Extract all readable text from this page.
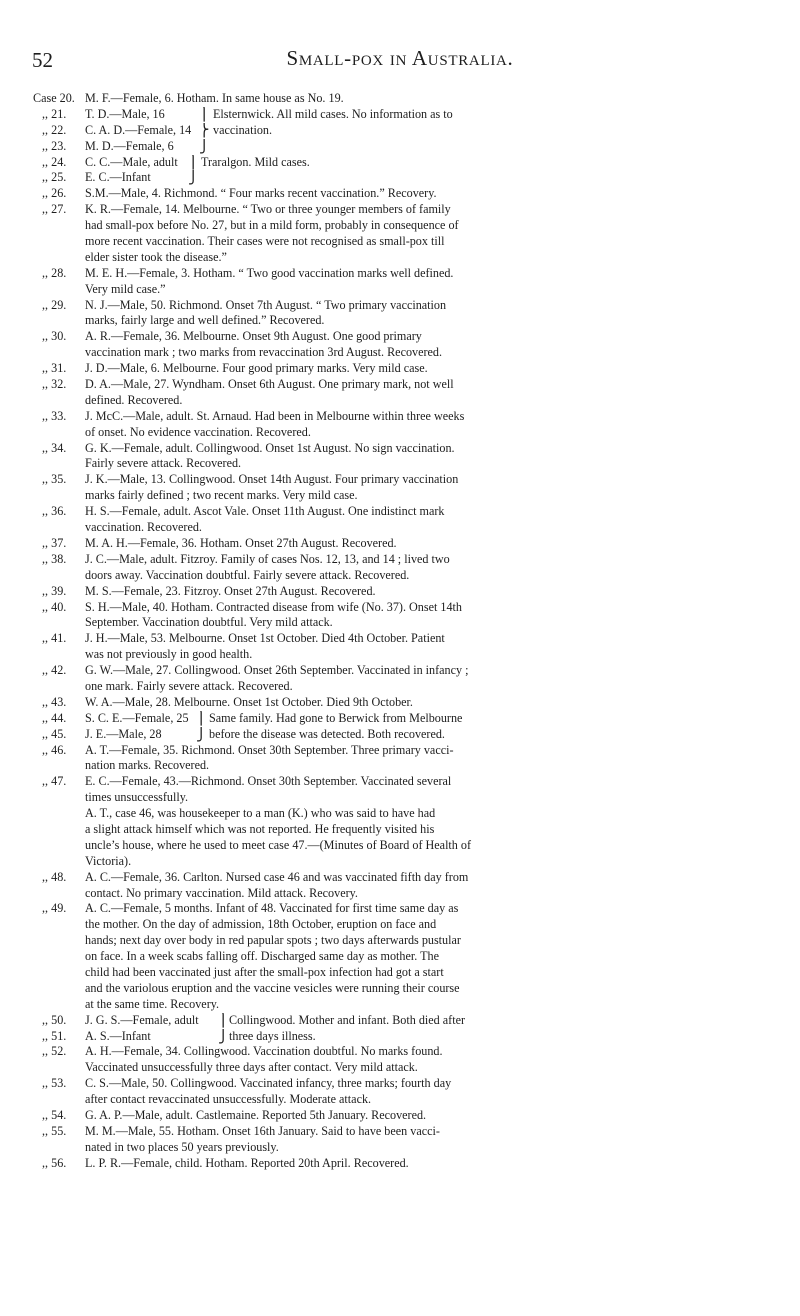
52	Small-pox in Australia.
Case 20. M. F.—Female, 6. Hotham. In same house as No. 19.
,, 21. T. D.—Male, 16 ⎫ Elsternwick. All mild cases. No information as to
,, 22. C. A. D.—Female, 14 ⎬ vaccination.
,, 23. M. D.—Female, 6 ⎭
,, 24. C. C.—Male, adult ⎫ Traralgon. Mild cases.
,, 25. E. C.—Infant	⎭
,, 26. S.M.—Male, 4. Richmond. “ Four marks recent vaccination.” Recovery.
,, 27. K. R.—Female, 14. Melbourne. “ Two or three younger members of family
had small-pox before No. 27, but in a mild form, probably in consequence of
more recent vaccination. Their cases were not recognised as small-pox till
elder sister took the disease.”
,, 28. M. E. H.—Female, 3. Hotham. “ Two good vaccination marks well defined.
Very mild case.”
,, 29. N. J.—Male, 50. Richmond. Onset 7th August. “ Two primary vaccination
marks, fairly large and well defined.” Recovered.
,, 30. A. R.—Female, 36. Melbourne. Onset 9th August. One good primary
vaccination mark ; two marks from revaccination 3rd August. Recovered.
,, 31. J. D.—Male, 6. Melbourne. Four good primary marks. Very mild case.
,, 32. D. A.—Male, 27. Wyndham. Onset 6th August. One primary mark, not well
defined. Recovered.
,, 33. J. McC.—Male, adult. St. Arnaud. Had been in Melbourne within three weeks
of onset. No evidence vaccination. Recovered.
,, 34. G. K.—Female, adult. Collingwood. Onset 1st August. No sign vaccination.
Fairly severe attack. Recovered.
,, 35. J. K.—Male, 13. Collingwood. Onset 14th August. Four primary vaccination
marks fairly defined ; two recent marks. Very mild case.
,, 36. H. S.—Female, adult. Ascot Vale. Onset 11th August. One indistinct mark
vaccination. Recovered.
,, 37. M. A. H.—Female, 36. Hotham. Onset 27th August. Recovered.
,, 38. J. C.—Male, adult. Fitzroy. Family of cases Nos. 12, 13, and 14 ; lived two
doors away. Vaccination doubtful. Fairly severe attack. Recovered.
,, 39. M. S.—Female, 23. Fitzroy. Onset 27th August. Recovered.
,, 40. S. H.—Male, 40. Hotham. Contracted disease from wife (No. 37). Onset 14th
September. Vaccination doubtful. Very mild attack.
,, 41. J. H.—Male, 53. Melbourne. Onset 1st October. Died 4th October. Patient
was not previously in good health.
,, 42. G. W.—Male, 27. Collingwood. Onset 26th September. Vaccinated in infancy ;
one mark. Fairly severe attack. Recovered.
,, 43. W. A.—Male, 28. Melbourne. Onset 1st October. Died 9th October.
,, 44. S. C. E.—Female, 25 ⎫ Same family. Had gone to Berwick from Melbourne
,, 45. J. E.—Male, 28 ⎭ before the disease was detected. Both recovered.
,, 46. A. T.—Female, 35. Richmond. Onset 30th September. Three primary vacci-
nation marks. Recovered.
,, 47. E. C.—Female, 43.—Richmond. Onset 30th September. Vaccinated several
times unsuccessfully.
A. T., case 46, was housekeeper to a man (K.) who was said to have had
a slight attack himself which was not reported. He frequently visited his
uncle’s house, where he used to meet case 47.—(Minutes of Board of Health of
Victoria).
,, 48. A. C.—Female, 36. Carlton. Nursed case 46 and was vaccinated fifth day from
contact. No primary vaccination. Mild attack. Recovery.
,, 49. A. C.—Female, 5 months. Infant of 48. Vaccinated for first time same day as
the mother. On the day of admission, 18th October, eruption on face and
hands; next day over body in red papular spots ; two days afterwards pustular
on face. In a week scabs falling off. Discharged same day as mother. The
child had been vaccinated just after the small-pox infection had got a start
and the variolous eruption and the vaccine vesicles were running their course
at the same time. Recovery.
,, 50. J. G. S.—Female, adult ⎫ Collingwood. Mother and infant. Both died after
,, 51. A. S.—Infant	⎭ three days illness.
,, 52. A. H.—Female, 34. Collingwood. Vaccination doubtful. No marks found.
Vaccinated unsuccessfully three days after contact. Very mild attack.
,, 53. C. S.—Male, 50. Collingwood. Vaccinated infancy, three marks; fourth day
after contact revaccinated unsuccessfully. Moderate attack.
,, 54. G. A. P.—Male, adult. Castlemaine. Reported 5th January. Recovered.
,, 55. M. M.—Male, 55. Hotham. Onset 16th January. Said to have been vacci-
nated in two places 50 years previously.
,, 56. L. P. R.—Female, child. Hotham. Reported 20th April. Recovered.
